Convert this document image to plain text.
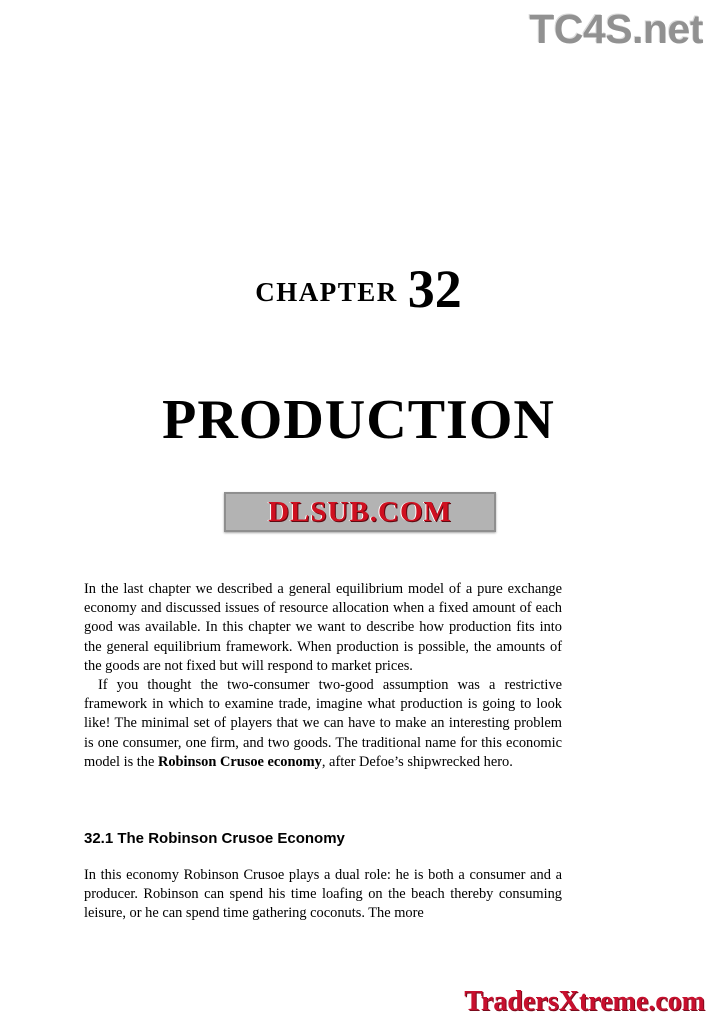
TC4S.net
CHAPTER 32
PRODUCTION
DLSUB.COM

In the last chapter we described a general equilibrium model of a pure exchange economy and discussed issues of resource allocation when a fixed amount of each good was available. In this chapter we want to describe how production fits into the general equilibrium framework. When production is possible, the amounts of the goods are not fixed but will respond to market prices.

If you thought the two-consumer two-good assumption was a restrictive framework in which to examine trade, imagine what production is going to look like! The minimal set of players that we can have to make an interesting problem is one consumer, one firm, and two goods. The traditional name for this economic model is the Robinson Crusoe economy, after Defoe’s shipwrecked hero.

32.1 The Robinson Crusoe Economy

In this economy Robinson Crusoe plays a dual role: he is both a consumer and a producer. Robinson can spend his time loafing on the beach thereby consuming leisure, or he can spend time gathering coconuts. The more

TradersXtreme.com
